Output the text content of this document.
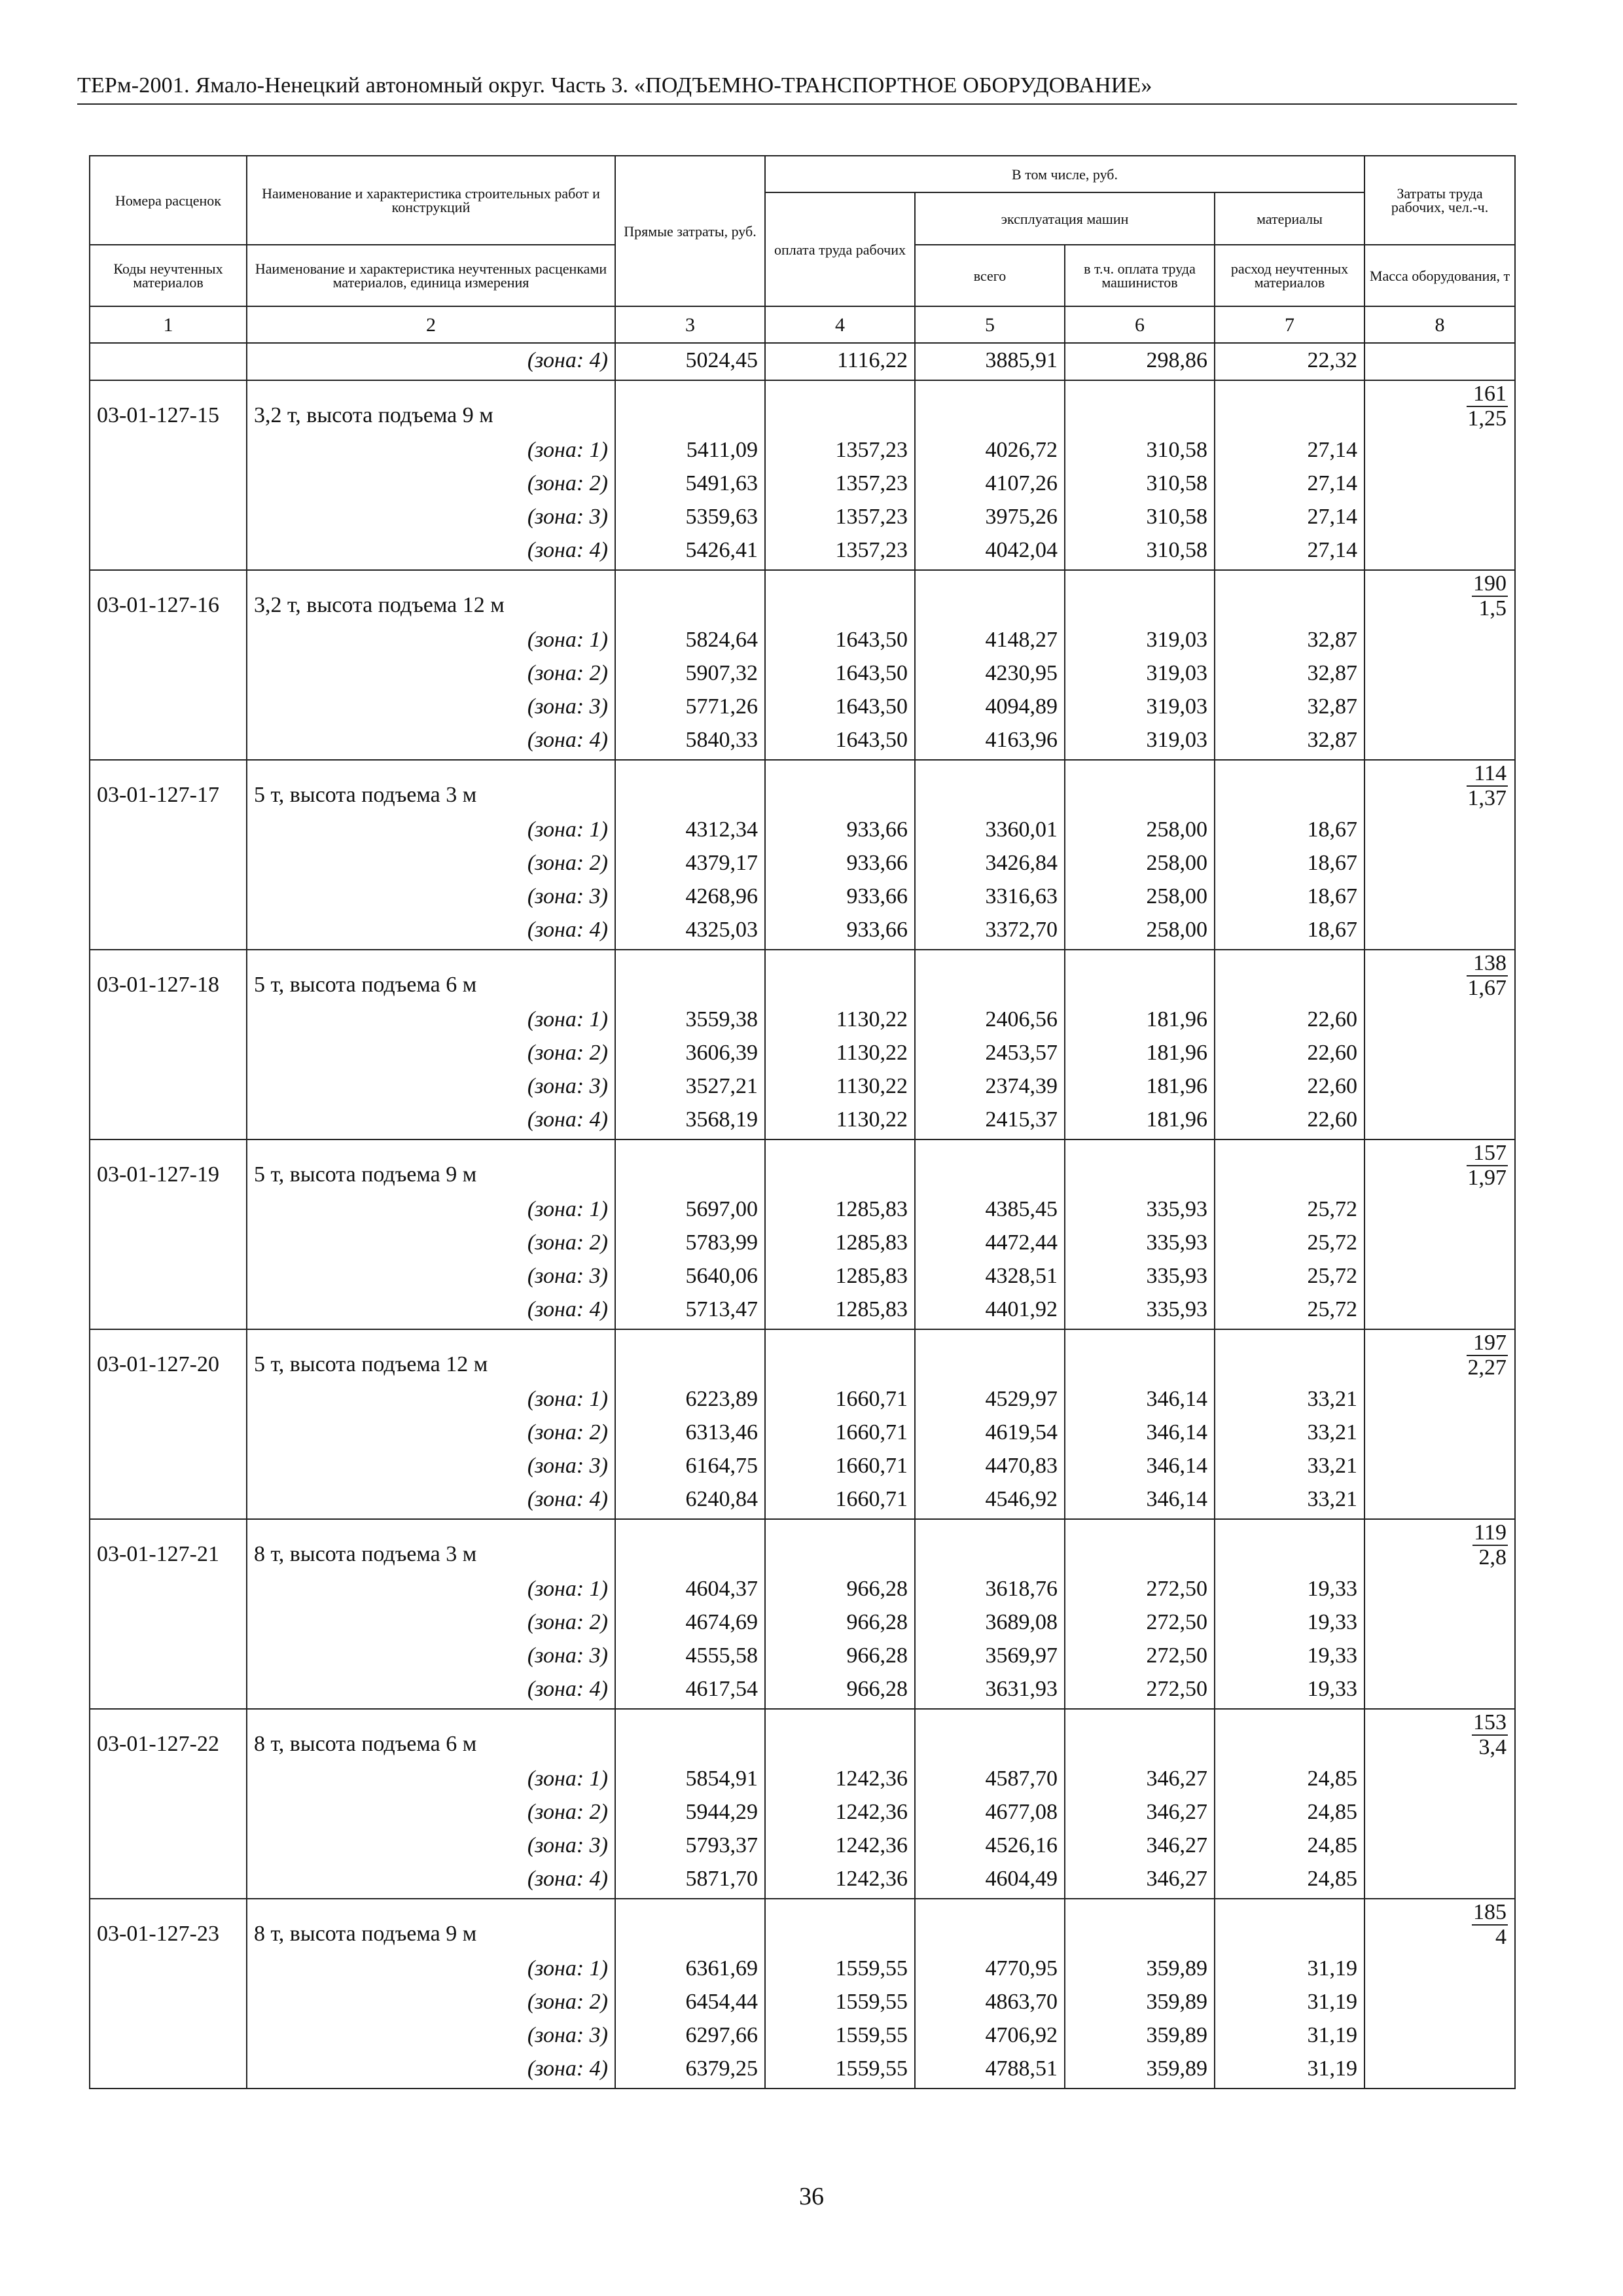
ТЕРм-2001. Ямало-Ненецкий автономный округ. Часть 3. «ПОДЪЕМНО-ТРАНСПОРТНОЕ ОБОРУДОВАНИЕ»
Номера расценок	Наименование и характеристика строительных работ и конструкций	Прямые затраты, руб.	В том числе, руб.				Затраты труда рабочих, чел.-ч.
			оплата труда рабочих	эксплуатация машин		материалы	
Коды неучтенных материалов	Наименование и характеристика неучтенных расценками материалов, единица измерения			всего	в т.ч. оплата труда машинистов	расход неучтенных материалов	Масса оборудования, т
1	2	3	4	5	6	7	8
	(зона: 4)	5024,45	1116,22	3885,91	298,86	22,32	
03-01-127-15	3,2 т, высота подъема 9 м						$\frac{161}{1,25}$

	(зона: 1)	5411,09	1357,23	4026,72	310,58	27,14	
	(зона: 2)	5491,63	1357,23	4107,26	310,58	27,14	
	(зона: 3)	5359,63	1357,23	3975,26	310,58	27,14	
	(зона: 4)	5426,41	1357,23	4042,04	310,58	27,14	
03-01-127-16	3,2 т, высота подъема 12 м						$\frac{190}{1,5}$

	(зона: 1)	5824,64	1643,50	4148,27	319,03	32,87	
	(зона: 2)	5907,32	1643,50	4230,95	319,03	32,87	
	(зона: 3)	5771,26	1643,50	4094,89	319,03	32,87	
	(зона: 4)	5840,33	1643,50	4163,96	319,03	32,87	
03-01-127-17	5 т, высота подъема 3 м						$\frac{114}{1,37}$

	(зона: 1)	4312,34	933,66	3360,01	258,00	18,67	
	(зона: 2)	4379,17	933,66	3426,84	258,00	18,67	
	(зона: 3)	4268,96	933,66	3316,63	258,00	18,67	
	(зона: 4)	4325,03	933,66	3372,70	258,00	18,67	
03-01-127-18	5 т, высота подъема 6 м						$\frac{138}{1,67}$

	(зона: 1)	3559,38	1130,22	2406,56	181,96	22,60	
	(зона: 2)	3606,39	1130,22	2453,57	181,96	22,60	
	(зона: 3)	3527,21	1130,22	2374,39	181,96	22,60	
	(зона: 4)	3568,19	1130,22	2415,37	181,96	22,60	
03-01-127-19	5 т, высота подъема 9 м						$\frac{157}{1,97}$

	(зона: 1)	5697,00	1285,83	4385,45	335,93	25,72	
	(зона: 2)	5783,99	1285,83	4472,44	335,93	25,72	
	(зона: 3)	5640,06	1285,83	4328,51	335,93	25,72	
	(зона: 4)	5713,47	1285,83	4401,92	335,93	25,72	
03-01-127-20	5 т, высота подъема 12 м						$\frac{197}{2,27}$

	(зона: 1)	6223,89	1660,71	4529,97	346,14	33,21	
	(зона: 2)	6313,46	1660,71	4619,54	346,14	33,21	
	(зона: 3)	6164,75	1660,71	4470,83	346,14	33,21	
	(зона: 4)	6240,84	1660,71	4546,92	346,14	33,21	
03-01-127-21	8 т, высота подъема 3 м						$\frac{119}{2,8}$

	(зона: 1)	4604,37	966,28	3618,76	272,50	19,33	
	(зона: 2)	4674,69	966,28	3689,08	272,50	19,33	
	(зона: 3)	4555,58	966,28	3569,97	272,50	19,33	
	(зона: 4)	4617,54	966,28	3631,93	272,50	19,33	
03-01-127-22	8 т, высота подъема 6 м						$\frac{153}{3,4}$

	(зона: 1)	5854,91	1242,36	4587,70	346,27	24,85	
	(зона: 2)	5944,29	1242,36	4677,08	346,27	24,85	
	(зона: 3)	5793,37	1242,36	4526,16	346,27	24,85	
	(зона: 4)	5871,70	1242,36	4604,49	346,27	24,85	
03-01-127-23	8 т, высота подъема 9 м						$\frac{185}{4}$

	(зона: 1)	6361,69	1559,55	4770,95	359,89	31,19	
	(зона: 2)	6454,44	1559,55	4863,70	359,89	31,19	
	(зона: 3)	6297,66	1559,55	4706,92	359,89	31,19	
	(зона: 4)	6379,25	1559,55	4788,51	359,89	31,19	
36
